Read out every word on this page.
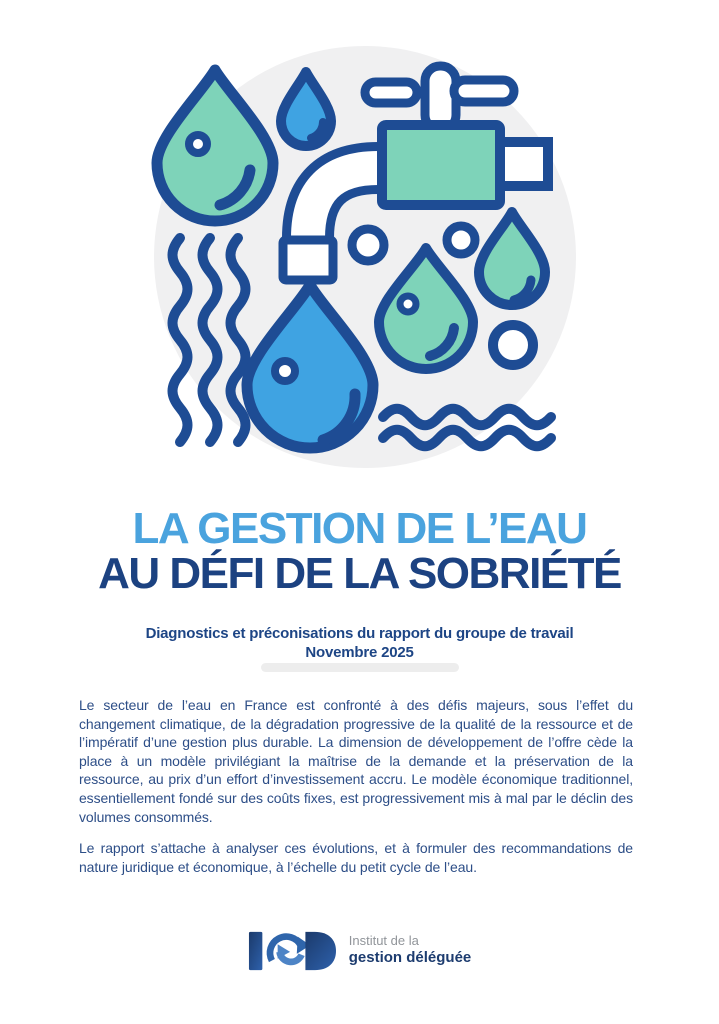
LA GESTION DE L’EAU
AU DÉFI DE LA SOBRIÉTÉ
Diagnostics et préconisations du rapport du groupe de travail
Novembre 2025

Le secteur de l’eau en France est confronté à des défis majeurs, sous l’effet du changement climatique, de la dégradation progressive de la qualité de la ressource et de l’impératif d’une gestion plus durable. La dimension de développement de l’offre cède la place à un modèle privilégiant la maîtrise de la demande et la préservation de la ressource, au prix d’un effort d’investissement accru. Le modèle économique traditionnel, essentiellement fondé sur des coûts fixes, est progressivement mis à mal par le déclin des volumes consommés.

Le rapport s’attache à analyser ces évolutions, et à formuler des recommandations de nature juridique et économique, à l’échelle du petit cycle de l’eau.

Institut de la
gestion déléguée
